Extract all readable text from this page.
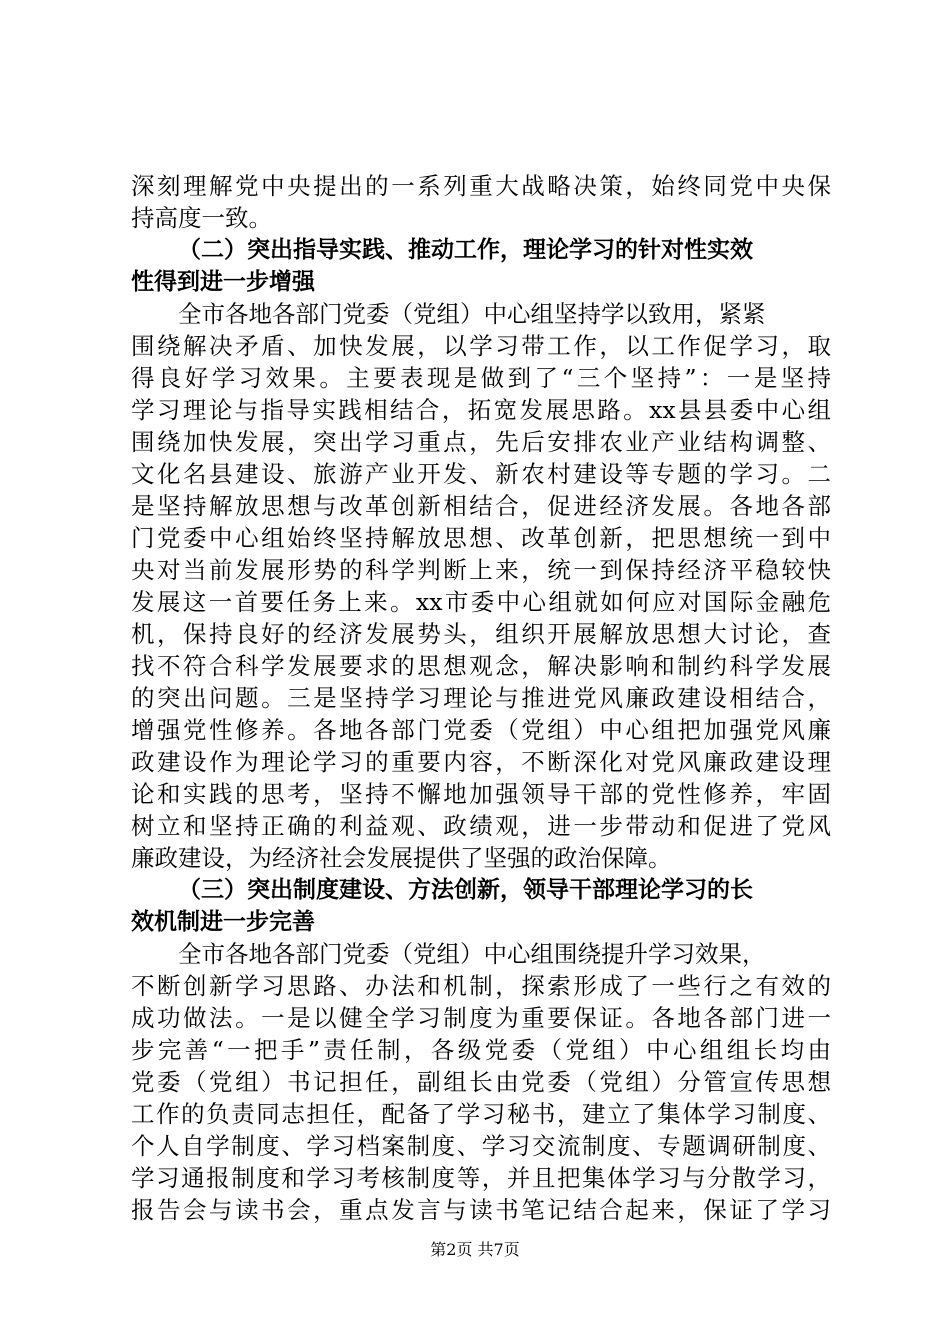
深刻理解党中央提出的一系列重大战略决策，始终同党中央保
持高度一致。
（二）突出指导实践、推动工作，理论学习的针对性实效
性得到进一步增强
全市各地各部门党委（党组）中心组坚持学以致用，紧紧
围绕解决矛盾、加快发展，以学习带工作，以工作促学习，取
得良好学习效果。主要表现是做到了“三个坚持”：一是坚持
学习理论与指导实践相结合，拓宽发展思路。xx县县委中心组
围绕加快发展，突出学习重点，先后安排农业产业结构调整、
文化名县建设、旅游产业开发、新农村建设等专题的学习。二
是坚持解放思想与改革创新相结合，促进经济发展。各地各部
门党委中心组始终坚持解放思想、改革创新，把思想统一到中
央对当前发展形势的科学判断上来，统一到保持经济平稳较快
发展这一首要任务上来。xx市委中心组就如何应对国际金融危
机，保持良好的经济发展势头，组织开展解放思想大讨论，查
找不符合科学发展要求的思想观念，解决影响和制约科学发展
的突出问题。三是坚持学习理论与推进党风廉政建设相结合，
增强党性修养。各地各部门党委（党组）中心组把加强党风廉
政建设作为理论学习的重要内容，不断深化对党风廉政建设理
论和实践的思考，坚持不懈地加强领导干部的党性修养，牢固
树立和坚持正确的利益观、政绩观，进一步带动和促进了党风
廉政建设，为经济社会发展提供了坚强的政治保障。
（三）突出制度建设、方法创新，领导干部理论学习的长
效机制进一步完善
全市各地各部门党委（党组）中心组围绕提升学习效果，
不断创新学习思路、办法和机制，探索形成了一些行之有效的
成功做法。一是以健全学习制度为重要保证。各地各部门进一
步完善“一把手”责任制，各级党委（党组）中心组组长均由
党委（党组）书记担任，副组长由党委（党组）分管宣传思想
工作的负责同志担任，配备了学习秘书，建立了集体学习制度、
个人自学制度、学习档案制度、学习交流制度、专题调研制度、
学习通报制度和学习考核制度等，并且把集体学习与分散学习，
报告会与读书会，重点发言与读书笔记结合起来，保证了学习
第2页 共7页
